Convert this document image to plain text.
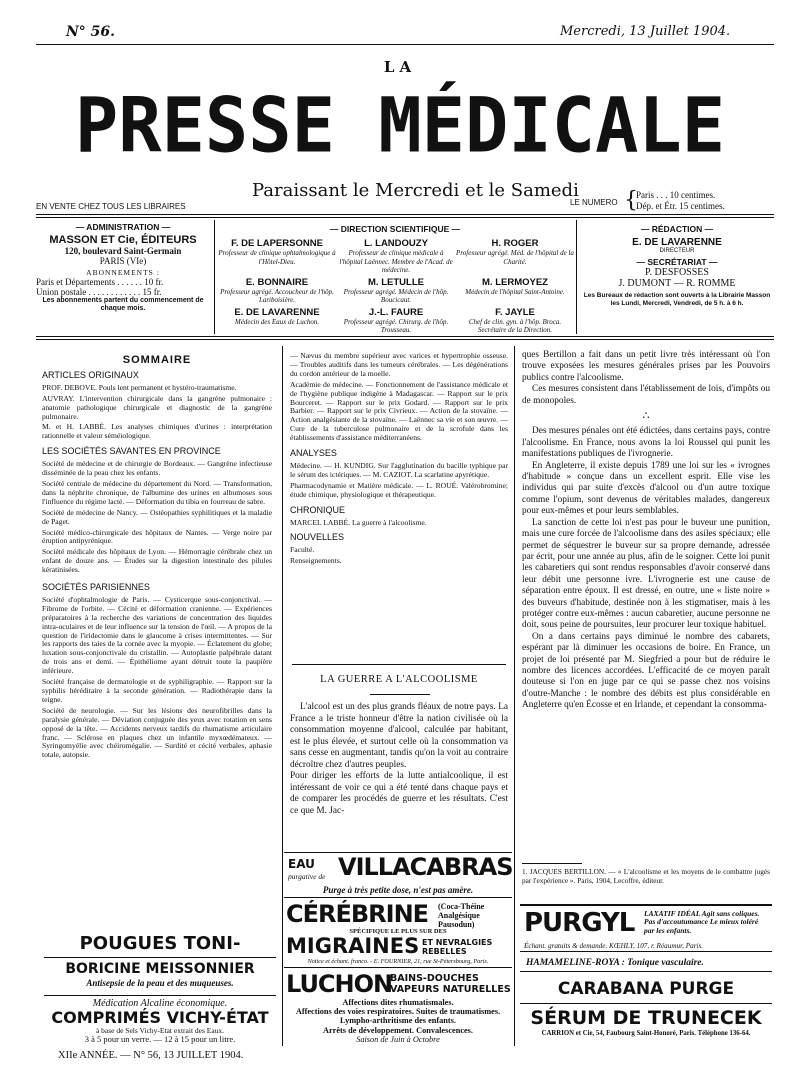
N° 56.	Mercredi, 13 Juillet 1904.
LA
PRESSE MÉDICALE
Paraissant le Mercredi et le Samedi
EN VENTE CHEZ TOUS LES LIBRAIRES	LE NUMERO {
Paris . . . 10 centimes.
Dép. et Étr. 15 centimes.
— ADMINISTRATION —
MASSON ET Cie, ÉDITEURS
120, boulevard Saint-Germain
PARIS (VIe)
ABONNEMENTS :
Paris et Départements . . . . . . 10 fr.
Union postale . . . . . . . . . . . . 15 fr.
Les abonnements partent du commencement de chaque mois.
— DIRECTION SCIENTIFIQUE —
F. DE LAPERSONNE
Professeur de clinique ophtalmologique à l'Hôtel-Dieu.
L. LANDOUZY
Professeur de clinique médicale à l'hôpital Laënnec. Membre de l'Acad. de médecine.
H. ROGER
Professeur agrégé. Méd. de l'hôpital de la Charité.
E. BONNAIRE
Professeur agrégé. Accoucheur de l'hôp. Lariboisière.
M. LETULLE
Professeur agrégé. Médecin de l'hôp. Boucicaut.
M. LERMOYEZ
Médecin de l'hôpital Saint-Antoine.
E. DE LAVARENNE
Médecin des Eaux de Luchon.
J.-L. FAURE
Professeur agrégé. Chirurg. de l'hôp. Trousseau.
F. JAYLE
Chef de clin. gyn. à l'hôp. Broca. Secrétaire de la Direction.
— RÉDACTION —
E. DE LAVARENNE
DIRECTEUR
— SECRÉTARIAT —
P. DESFOSSES
J. DUMONT — R. ROMME
Les Bureaux de rédaction sont ouverts à la Librairie Masson les Lundi, Mercredi, Vendredi, de 5 h. à 6 h.
SOMMAIRE
ARTICLES ORIGINAUX

PROF. DEBOVE. Pouls lent permanent et hystéro-traumatisme.

AUVRAY. L'intervention chirurgicale dans la gangrène pulmonaire : anatomie pathologique chirurgicale et diagnostic de la gangrène pulmonaire.

M. et H. LABBÉ. Les analyses chimiques d'urines : interprétation rationnelle et valeur séméiologique.

LES SOCIÉTÉS SAVANTES EN PROVINCE

Société de médecine et de chirurgie de Bordeaux. — Gangrène infectieuse disséminée de la peau chez les enfants.

Société centrale de médecine du département du Nord. — Transformation, dans la néphrite chronique, de l'albumine des urines en albumoses sous l'influence du régime lacté. — Déformation du tibia en fourreau de sabre.

Société de médecine de Nancy. — Ostéopathies syphilitiques et la maladie de Paget.

Société médico-chirurgicale des hôpitaux de Nantes. — Verge noire par éruption antipyrénique.

Société médicale des hôpitaux de Lyon. — Hémorragie cérébrale chez un enfant de douze ans. — Études sur la digestion intestinale des pilules kératinisées.

SOCIÉTÉS PARISIENNES

Société d'ophtalmologie de Paris. — Cysticerque sous-conjonctival. — Fibrome de l'orbite. — Cécité et déformation cranienne. — Expériences préparatoires à la recherche des variations de concentration des liquides intra-oculaires et de leur influence sur la tension de l'œil. — A propos de la question de l'iridectomie dans le glaucome à crises intermittentes. — Sur les rapports des taies de la cornée avec la myopie. — Éclatement du globe; luxation sous-conjonctivale du cristallin. — Autoplastie palpébrale datant de trois ans et demi. — Épithéliome ayant détruit toute la paupière inférieure.

Société française de dermatologie et de syphiligraphie. — Rapport sur la syphilis héréditaire à la seconde génération. — Radiothérapie dans la teigne.

Société de neurologie. — Sur les lésions des neurofibrilles dans la paralysie générale. — Déviation conjuguée des yeux avec rotation en sens opposé de la tête. — Accidents nerveux tardifs du rhumatisme articulaire franc. — Sclérose en plaques chez un infantile myxœdémateux. — Syringomyélie avec chéiromégalie. — Surdité et cécité verbales, aphasie totale, autopsie.

POUGUES TONI-
BORICINE MEISSONNIER
Antisepsie de la peau et des muqueuses.
Médication Alcaline économique.
COMPRIMÉS VICHY-ÉTAT
à base de Sels Vichy-Etat extrait des Eaux.
3 à 5 pour un verre. — 12 à 15 pour un litre.
XIIe ANNÉE. — N° 56, 13 JUILLET 1904.

— Nævus du membre supérieur avec varices et hypertrophie osseuse. — Troubles auditifs dans les tumeurs cérébrales. — Les dégénérations du cordon antérieur de la moelle.

Académie de médecine. — Fonctionnement de l'assistance médicale et de l'hygiène publique indigène à Madagascar. — Rapport sur le prix Bourceret. — Rapport sur le prix Godard. — Rapport sur le prix Barbier. — Rapport sur le prix Civrieux. — Action de la stovaïne. — Action analgésiante de la stovaïne. — Laënnec sa vie et son œuvre. — Cure de la tuberculose pulmonaire et de la scrofule dans les établissements d'assistance méditerranéens.

ANALYSES

Médecine. — H. KUNDIG. Sur l'agglutination du bacille typhique par le sérum des ictériques. — M. CAZIOT. La scarlatine apyrétique.

Pharmacodynamie et Matière médicale. — L. ROUÉ. Valérobromine; étude chimique, physiologique et thérapeutique.

CHRONIQUE

MARCEL LABBÉ. La guerre à l'alcoolisme.

NOUVELLES

Faculté.

Renseignements.

LA GUERRE A L'ALCOOLISME
L'alcool est un des plus grands fléaux de notre pays. La France a le triste honneur d'être la nation civilisée où la consommation moyenne d'alcool, calculée par habitant, est le plus élevée, et surtout celle où la consommation va sans cesse en augmentant, tandis qu'on la voit au contraire décroître chez d'autres peuples.
Pour diriger les efforts de la lutte antialcoolique, il est intéressant de voir ce qui a été tenté dans chaque pays et de comparer les procédés de guerre et les résultats. C'est ce que M. Jac-
EAU
purgative de VILLACABRAS
Purge à très petite dose, n'est pas amère.
CÉRÉBRINE (Coca-Théine Analgésique Pausodun)
SPÉCIFIQUE LE PLUS SUR DES
MIGRAINES ET NEVRALGIES REBELLES
Notice et échant. franco. - E. FOURNIER, 21, rue St-Pétersbourg, Paris.
LUCHON
BAINS-DOUCHES VAPEURS NATURELLES
Affections dites rhumatismales.
Affections des voies respiratoires. Suites de traumatismes.
Lympho-arthritisme des enfants.
Arrêts de développement. Convalescences.
Saison de Juin à Octobre

ques Bertillon a fait dans un petit livre très intéressant où l'on trouve exposées les mesures générales prises par les Pouvoirs publics contre l'alcoolisme.

Ces mesures consistent dans l'établissement de lois, d'impôts ou de monopoles.

∴

Des mesures pénales ont été édictées, dans certains pays, contre l'alcoolisme. En France, nous avons la loi Roussel qui punit les manifestations publiques de l'ivrognerie.

En Angleterre, il existe depuis 1789 une loi sur les « ivrognes d'habitude » conçue dans un excellent esprit. Elle vise les individus qui par suite d'excès d'alcool ou d'un autre toxique comme l'opium, sont devenus de véritables malades, dangereux pour eux-mêmes et pour leurs semblables.

La sanction de cette loi n'est pas pour le buveur une punition, mais une cure forcée de l'alcoolisme dans des asiles spéciaux; elle permet de séquestrer le buveur sur sa propre demande, adressée par écrit, pour une année au plus, afin de le soigner. Cette loi punit les cabaretiers qui sont rendus responsables d'avoir conservé dans leur débit une personne ivre. L'ivrognerie est une cause de séparation entre époux. Il est dressé, en outre, une « liste noire » des buveurs d'habitude, destinée non à les stigmatiser, mais à les protéger contre eux-mêmes : aucun cabaretier, aucune personne ne doit, sous peine de poursuites, leur procurer leur toxique habituel.

On a dans certains pays diminué le nombre des cabarets, espérant par là diminuer les occasions de boire. En France, un projet de loi présenté par M. Siegfried a pour but de réduire le nombre des licences accordées. L'efficacité de ce moyen paraît douteuse si l'on en juge par ce qui se passe chez nos voisins d'outre-Manche : le nombre des débits est plus considérable en Angleterre qu'en Écosse et en Irlande, et cependant la consomma-

1. JACQUES BERTILLON. — « L'alcoolisme et les moyens de le combattre jugés par l'expérience ». Paris, 1904, Lecoffre, éditeur.
PURGYL LAXATIF IDÉAL Agit sans coliques. Pas d'accoutumance Le mieux toléré par les enfants.
Échant. gratuits & demande. KŒHLY, 107, r. Réaumur, Paris.
HAMAMELINE-ROYA : Tonique vasculaire.
CARABANA PURGE
SÉRUM DE TRUNECEK
CARRION et Cie, 54, Faubourg Saint-Honoré, Paris. Téléphone 136-64.
